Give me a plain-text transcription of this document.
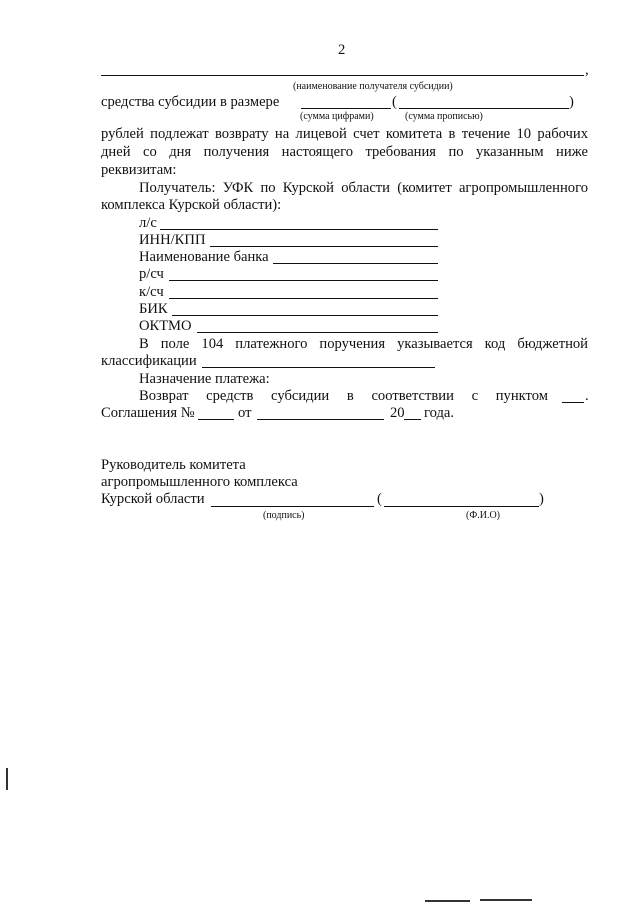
2
,
(наименование получателя субсидии)
средства субсидии в размере	(	)
(сумма цифрами)	(сумма прописью)
рублей подлежат возврату на лицевой счет комитета в течение 10 рабочих
дней со дня получения настоящего требования по указанным ниже
реквизитам:
Получатель: УФК по Курской области (комитет агропромышленного
комплекса Курской области):
л/с
ИНН/КПП
Наименование банка
р/сч
к/сч
БИК
ОКТМО
В поле 104 платежного поручения указывается код бюджетной
классификации
Назначение платежа:
Возврат средств субсидии в соответствии с пунктом	.
Соглашения №	от	20 года.
Руководитель комитета
агропромышленного комплекса
Курской области	(	)
(подпись)	(Ф.И.О)
